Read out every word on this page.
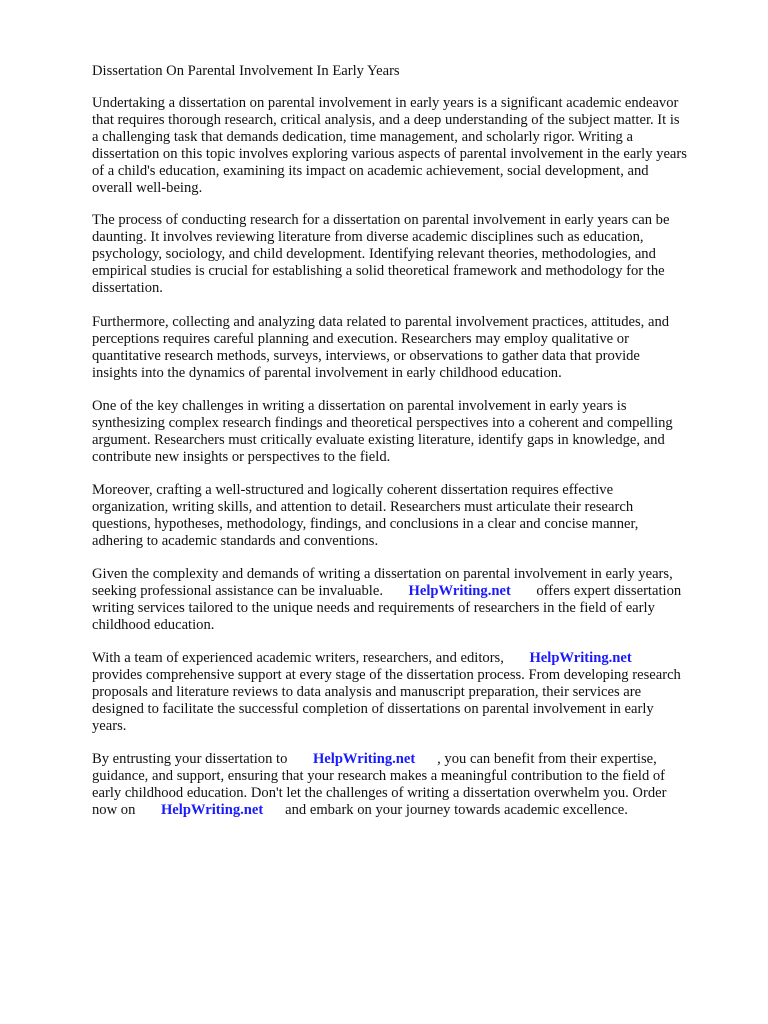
Dissertation On Parental Involvement In Early Years

Undertaking a dissertation on parental involvement in early years is a significant academic endeavor
that requires thorough research, critical analysis, and a deep understanding of the subject matter. It is
a challenging task that demands dedication, time management, and scholarly rigor. Writing a
dissertation on this topic involves exploring various aspects of parental involvement in the early years
of a child's education, examining its impact on academic achievement, social development, and
overall well-being.

The process of conducting research for a dissertation on parental involvement in early years can be
daunting. It involves reviewing literature from diverse academic disciplines such as education,
psychology, sociology, and child development. Identifying relevant theories, methodologies, and
empirical studies is crucial for establishing a solid theoretical framework and methodology for the
dissertation.

Furthermore, collecting and analyzing data related to parental involvement practices, attitudes, and
perceptions requires careful planning and execution. Researchers may employ qualitative or
quantitative research methods, surveys, interviews, or observations to gather data that provide
insights into the dynamics of parental involvement in early childhood education.

One of the key challenges in writing a dissertation on parental involvement in early years is
synthesizing complex research findings and theoretical perspectives into a coherent and compelling
argument. Researchers must critically evaluate existing literature, identify gaps in knowledge, and
contribute new insights or perspectives to the field.

Moreover, crafting a well-structured and logically coherent dissertation requires effective
organization, writing skills, and attention to detail. Researchers must articulate their research
questions, hypotheses, methodology, findings, and conclusions in a clear and concise manner,
adhering to academic standards and conventions.

Given the complexity and demands of writing a dissertation on parental involvement in early years,
seeking professional assistance can be invaluable. HelpWriting.net offers expert dissertation
writing services tailored to the unique needs and requirements of researchers in the field of early
childhood education.

With a team of experienced academic writers, researchers, and editors, HelpWriting.net
provides comprehensive support at every stage of the dissertation process. From developing research
proposals and literature reviews to data analysis and manuscript preparation, their services are
designed to facilitate the successful completion of dissertations on parental involvement in early
years.

By entrusting your dissertation to HelpWriting.net , you can benefit from their expertise,
guidance, and support, ensuring that your research makes a meaningful contribution to the field of
early childhood education. Don't let the challenges of writing a dissertation overwhelm you. Order
now on HelpWriting.net and embark on your journey towards academic excellence.
